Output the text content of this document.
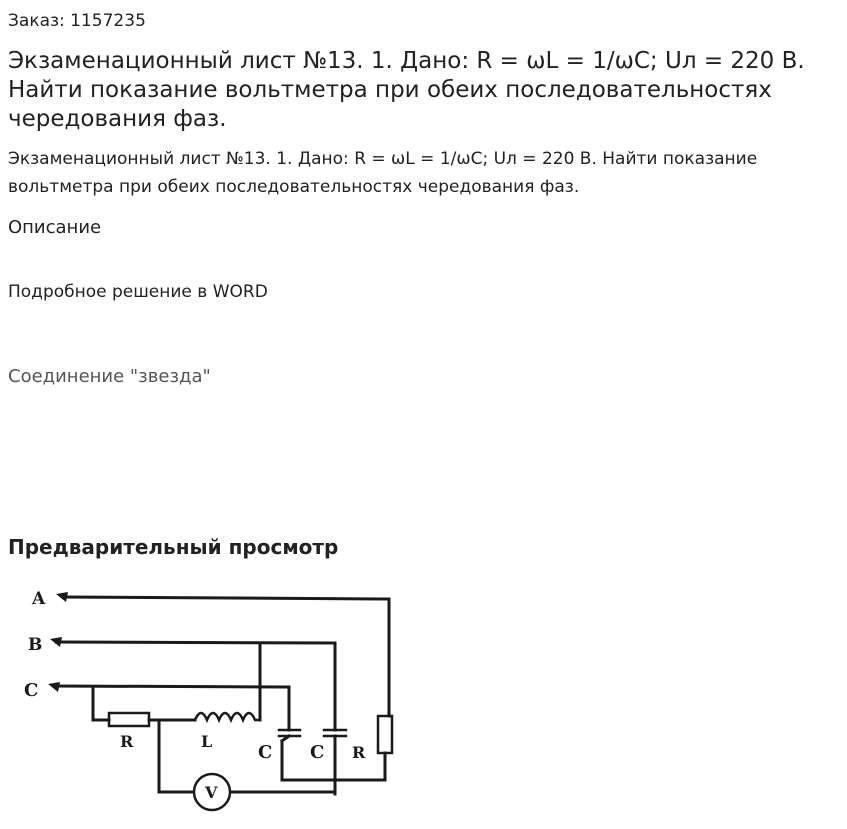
Заказ: 1157235
Экзаменационный лист №13. 1. Дано: R = ωL = 1/ωC; Uл = 220 В. Найти показание вольтметра при обеих последовательностях чередования фаз.

Экзаменационный лист №13. 1. Дано: R = ωL = 1/ωC; Uл = 220 В. Найти показание вольтметра при обеих последовательностях чередования фаз.

Описание
Подробное решение в WORD
Соединение "звезда"
Предварительный просмотр
A
B
C
R	L
C C R
V
